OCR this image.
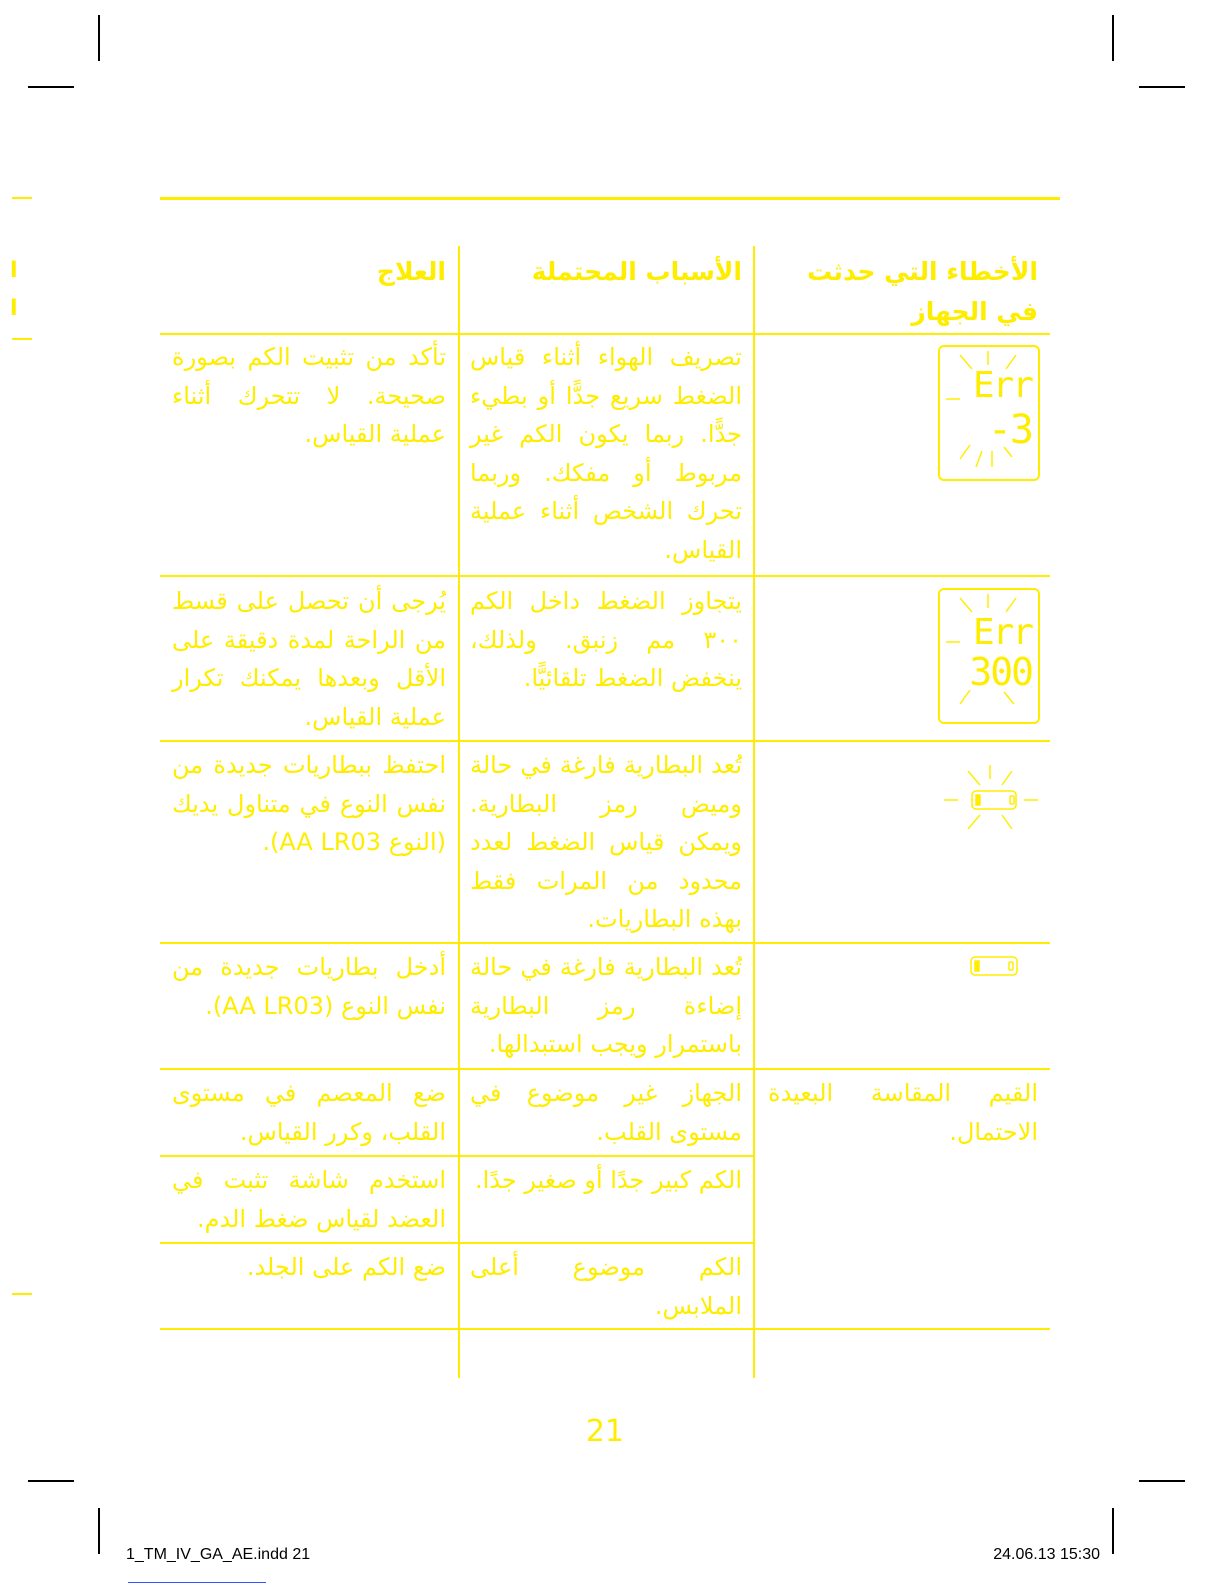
ا
ا
الأخطاء التي حدثت في الجهاز
الأسباب المحتملة
العلاج
Err
-3
تصريف الهواء أثناء قياس الضغط سريع جدًّا أو بطيء جدًّا. ربما يكون الكم غير مربوط أو مفكك. وربما تحرك الشخص أثناء عملية القياس.
تأكد من تثبيت الكم بصورة صحيحة. لا تتحرك أثناء عملية القياس.
Err
300
يتجاوز الضغط داخل الكم ٣٠٠ مم زنبق. ولذلك، ينخفض الضغط تلقائيًّا.
يُرجى أن تحصل على قسط من الراحة لمدة دقيقة على الأقل وبعدها يمكنك تكرار عملية القياس.
تُعد البطارية فارغة في حالة وميض رمز البطارية. ويمكن قياس الضغط لعدد محدود من المرات فقط بهذه البطاريات.
احتفظ ببطاريات جديدة من نفس النوع في متناول يديك (النوع AA LR03).
تُعد البطارية فارغة في حالة إضاءة رمز البطارية باستمرار ويجب استبدالها.
أدخل بطاريات جديدة من نفس النوع (AA LR03).
القيم المقاسة البعيدة الاحتمال.
الجهاز غير موضوع في مستوى القلب.
ضع المعصم في مستوى القلب، وكرر القياس.
الكم كبير جدًا أو صغير جدًا.
استخدم شاشة تثبت في العضد لقياس ضغط الدم.
الكم موضوع أعلى الملابس.
ضع الكم على الجلد.
21
1_TM_IV_GA_AE.indd 21	24.06.13 15:30
